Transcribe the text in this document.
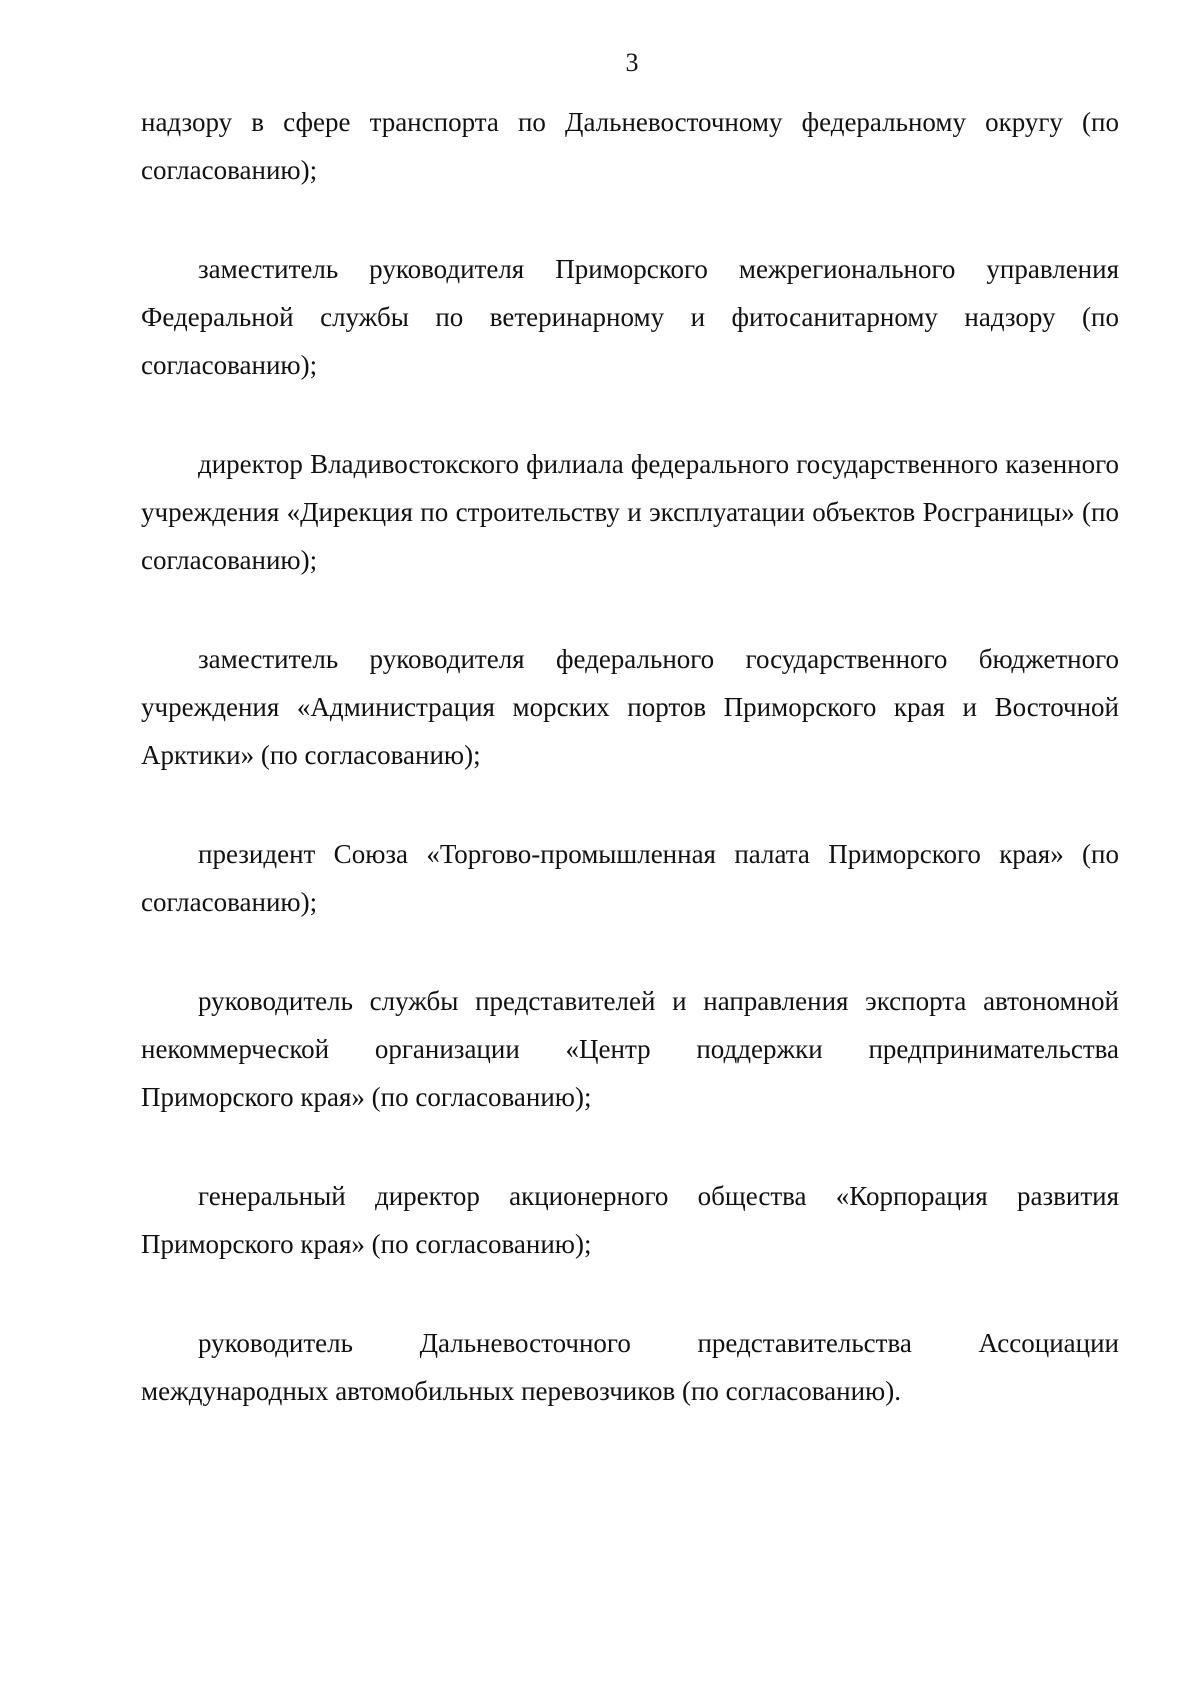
3

надзору в сфере транспорта по Дальневосточному федеральному округу (по согласованию);

заместитель руководителя Приморского межрегионального управления Федеральной службы по ветеринарному и фитосанитарному надзору (по согласованию);

директор Владивостокского филиала федерального государственного казенного учреждения «Дирекция по строительству и эксплуатации объектов Росграницы» (по согласованию);

заместитель руководителя федерального государственного бюджетного учреждения «Администрация морских портов Приморского края и Восточной Арктики» (по согласованию);

президент Союза «Торгово-промышленная палата Приморского края» (по согласованию);

руководитель службы представителей и направления экспорта автономной некоммерческой организации «Центр поддержки предпринимательства Приморского края» (по согласованию);

генеральный директор акционерного общества «Корпорация развития Приморского края» (по согласованию);

руководитель Дальневосточного представительства Ассоциации международных автомобильных перевозчиков (по согласованию).
